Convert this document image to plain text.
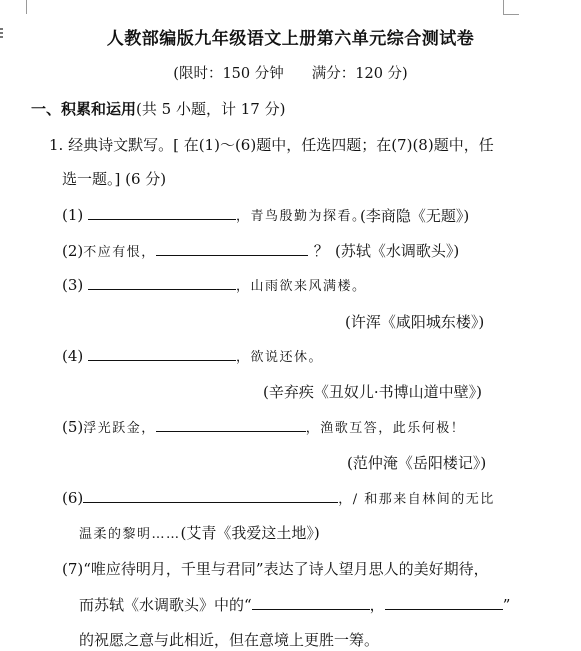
人教部编版九年级语文上册第六单元综合测试卷
(限时：150 分钟 满分：120 分)
一、积累和运用(共 5 小题，计 17 分)
1. 经典诗文默写。[ 在(1)～(6)题中，任选四题；在(7)(8)题中，任
选一题。] (6 分)
(1)	，青鸟殷勤为探看。
(李商隐《无题》)
(2)不应有恨，	？ (苏轼《水调歌头》)
(3)	，山雨欲来风满楼。
(许浑《咸阳城东楼》)
(4)	，欲说还休。
(辛弃疾《丑奴儿·书博山道中壁》)
(5)浮光跃金，	，渔歌互答，此乐何极！
(范仲淹《岳阳楼记》)
(6)	，/ 和那来自林间的无比
温柔的黎明……(艾青《我爱这土地》)
(7)“唯应待明月，千里与君同”表达了诗人望月思人的美好期待，
而苏轼《水调歌头》中的“	，	”
的祝愿之意与此相近，但在意境上更胜一筹。
